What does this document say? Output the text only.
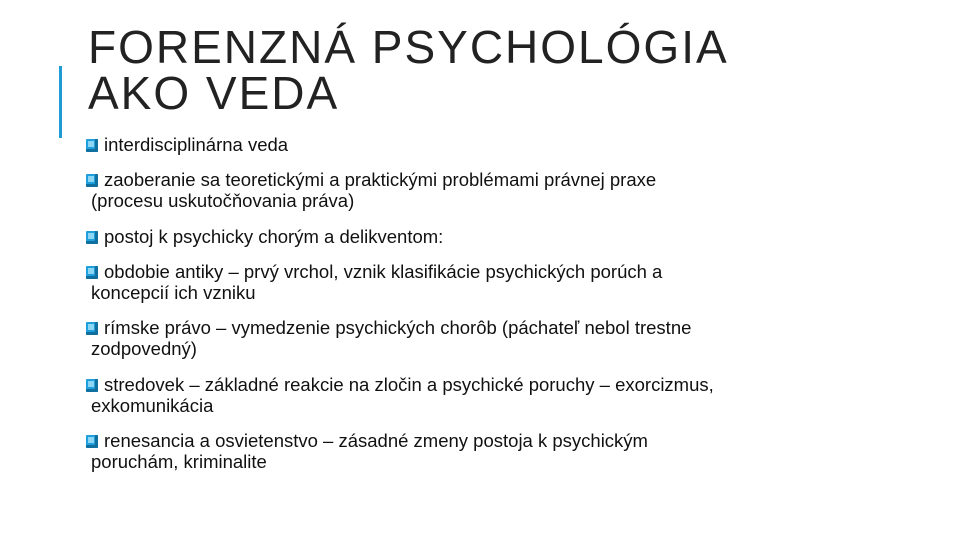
FORENZNÁ PSYCHOLÓGIA
AKO VEDA
interdisciplinárna veda
zaoberanie sa teoretickými a praktickými problémami právnej praxe
(procesu uskutočňovania práva)
postoj k psychicky chorým a delikventom:
obdobie antiky – prvý vrchol, vznik klasifikácie psychických porúch a
koncepcií ich vzniku
rímske právo – vymedzenie psychických chorôb (páchateľ nebol trestne
zodpovedný)
stredovek – základné reakcie na zločin a psychické poruchy – exorcizmus,
exkomunikácia
renesancia a osvietenstvo – zásadné zmeny postoja k psychickým
poruchám, kriminalite
